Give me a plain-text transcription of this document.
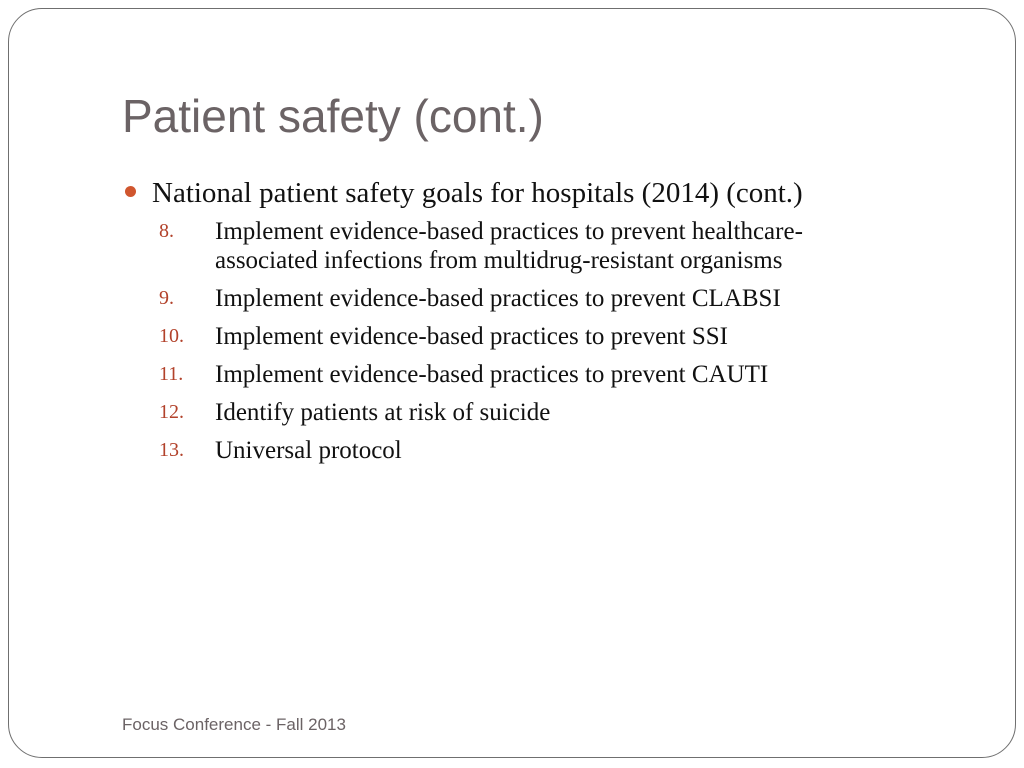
Patient safety (cont.)
National patient safety goals for hospitals (2014) (cont.)
8.	Implement evidence-based practices to prevent healthcare-
associated infections from multidrug-resistant organisms
9.	Implement evidence-based practices to prevent CLABSI
10.	Implement evidence-based practices to prevent SSI
11.	Implement evidence-based practices to prevent CAUTI
12.	Identify patients at risk of suicide
13.	Universal protocol
Focus Conference - Fall 2013
